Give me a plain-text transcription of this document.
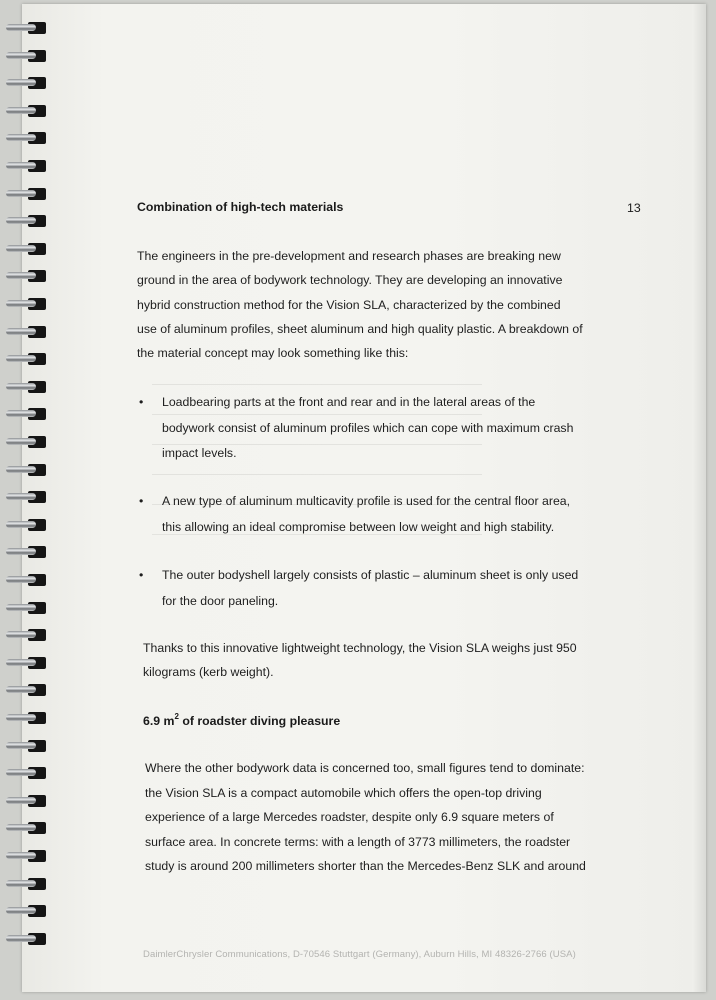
Combination of high-tech materials	13
The engineers in the pre-development and research phases are breaking new
ground in the area of bodywork technology. They are developing an innovative
hybrid construction method for the Vision SLA, characterized by the combined
use of aluminum profiles, sheet aluminum and high quality plastic. A breakdown of
the material concept may look something like this:
•	Loadbearing parts at the front and rear and in the lateral areas of the
bodywork consist of aluminum profiles which can cope with maximum crash
impact levels.
•	A new type of aluminum multicavity profile is used for the central floor area,
this allowing an ideal compromise between low weight and high stability.
•	The outer bodyshell largely consists of plastic – aluminum sheet is only used
for the door paneling.
Thanks to this innovative lightweight technology, the Vision SLA weighs just 950
kilograms (kerb weight).
6.9 $m^2$ of roadster diving pleasure
Where the other bodywork data is concerned too, small figures tend to dominate:
the Vision SLA is a compact automobile which offers the open-top driving
experience of a large Mercedes roadster, despite only 6.9 square meters of
surface area. In concrete terms: with a length of 3773 millimeters, the roadster
study is around 200 millimeters shorter than the Mercedes-Benz SLK and around
DaimlerChrysler Communications, D-70546 Stuttgart (Germany), Auburn Hills, MI 48326-2766 (USA)
